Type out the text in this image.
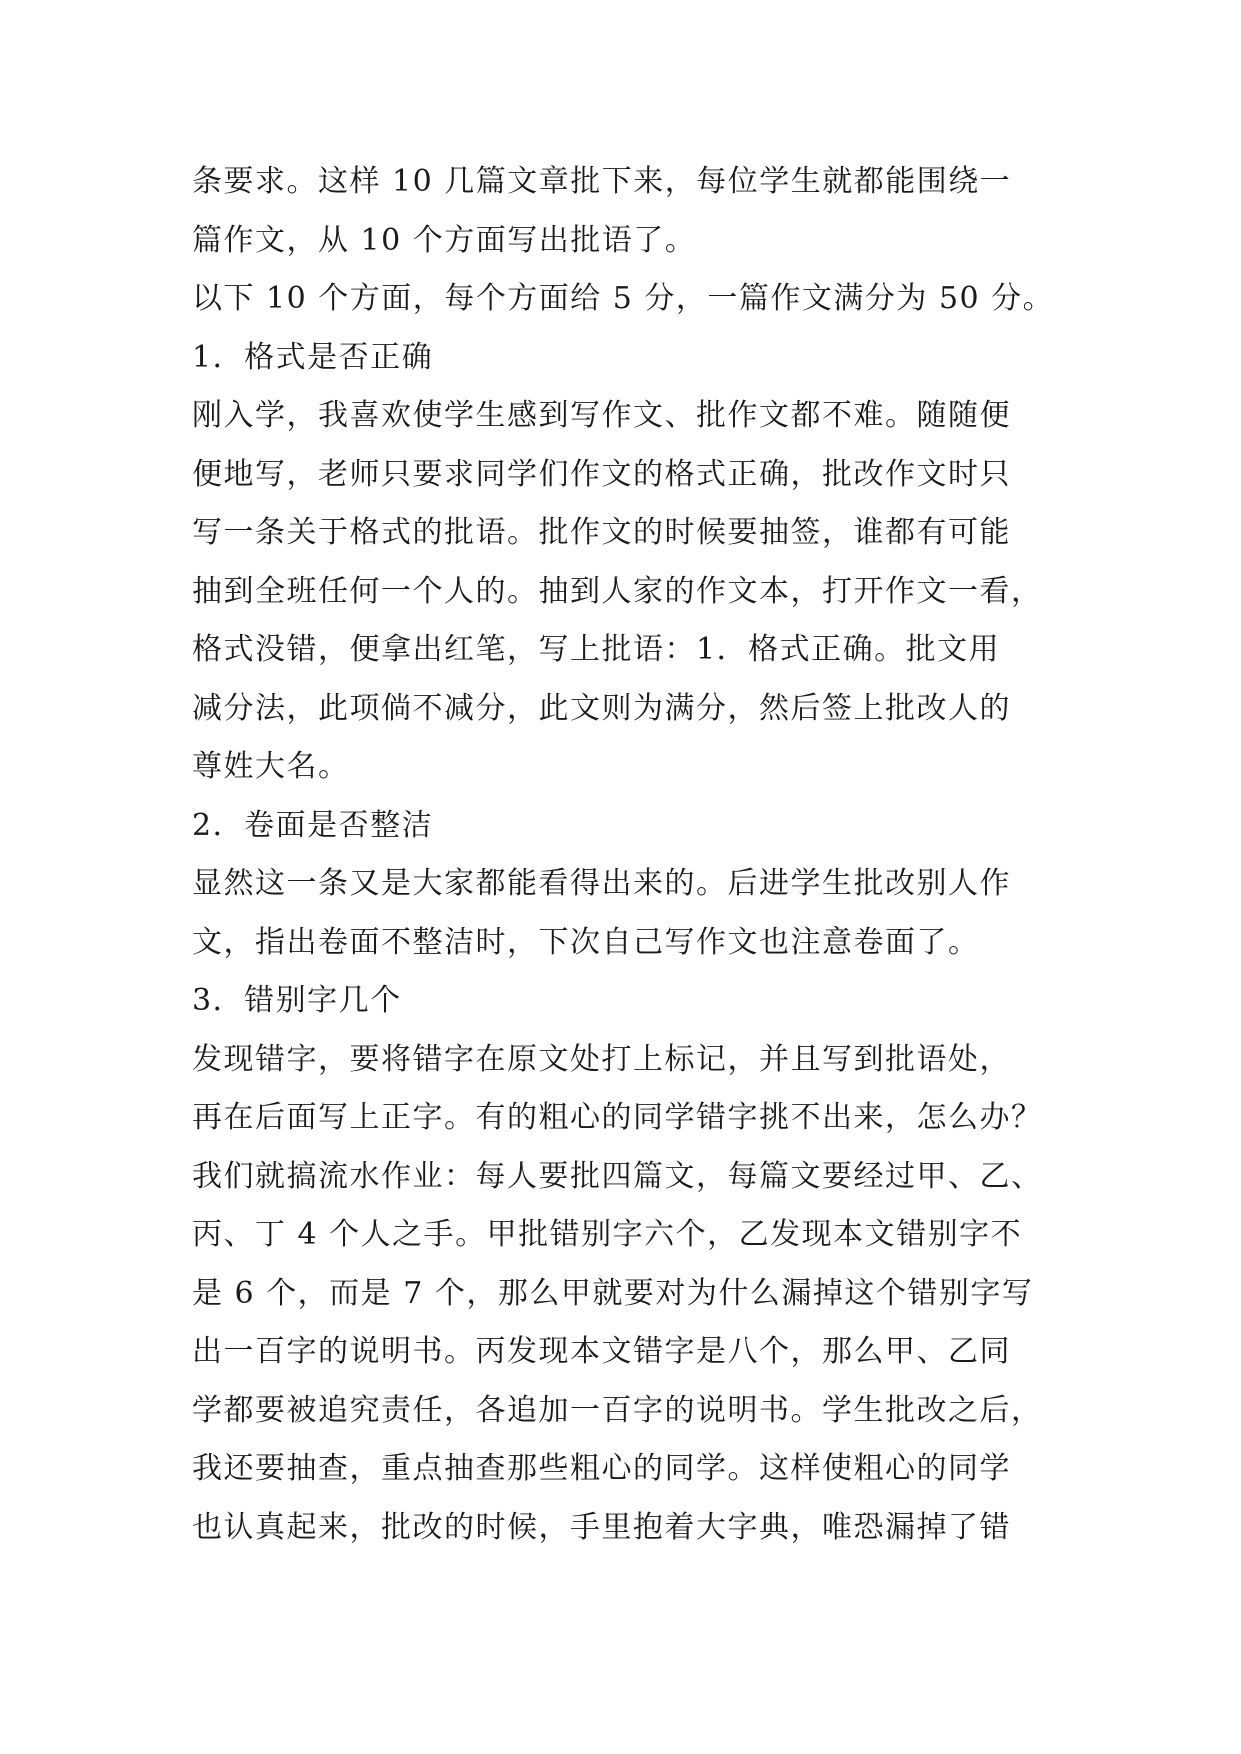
条要求。这样 10 几篇文章批下来，每位学生就都能围绕一
篇作文，从 10 个方面写出批语了。
以下 10 个方面，每个方面给 5 分，一篇作文满分为 50 分。
1．格式是否正确
刚入学，我喜欢使学生感到写作文、批作文都不难。随随便
便地写，老师只要求同学们作文的格式正确，批改作文时只
写一条关于格式的批语。批作文的时候要抽签，谁都有可能
抽到全班任何一个人的。抽到人家的作文本，打开作文一看，
格式没错，便拿出红笔，写上批语：1．格式正确。批文用
减分法，此项倘不减分，此文则为满分，然后签上批改人的
尊姓大名。
2．卷面是否整洁
显然这一条又是大家都能看得出来的。后进学生批改别人作
文，指出卷面不整洁时，下次自己写作文也注意卷面了。
3．错别字几个
发现错字，要将错字在原文处打上标记，并且写到批语处，
再在后面写上正字。有的粗心的同学错字挑不出来，怎么办？
我们就搞流水作业：每人要批四篇文，每篇文要经过甲、乙、
丙、丁 4 个人之手。甲批错别字六个，乙发现本文错别字不
是 6 个，而是 7 个，那么甲就要对为什么漏掉这个错别字写
出一百字的说明书。丙发现本文错字是八个，那么甲、乙同
学都要被追究责任，各追加一百字的说明书。学生批改之后，
我还要抽查，重点抽查那些粗心的同学。这样使粗心的同学
也认真起来，批改的时候，手里抱着大字典，唯恐漏掉了错
